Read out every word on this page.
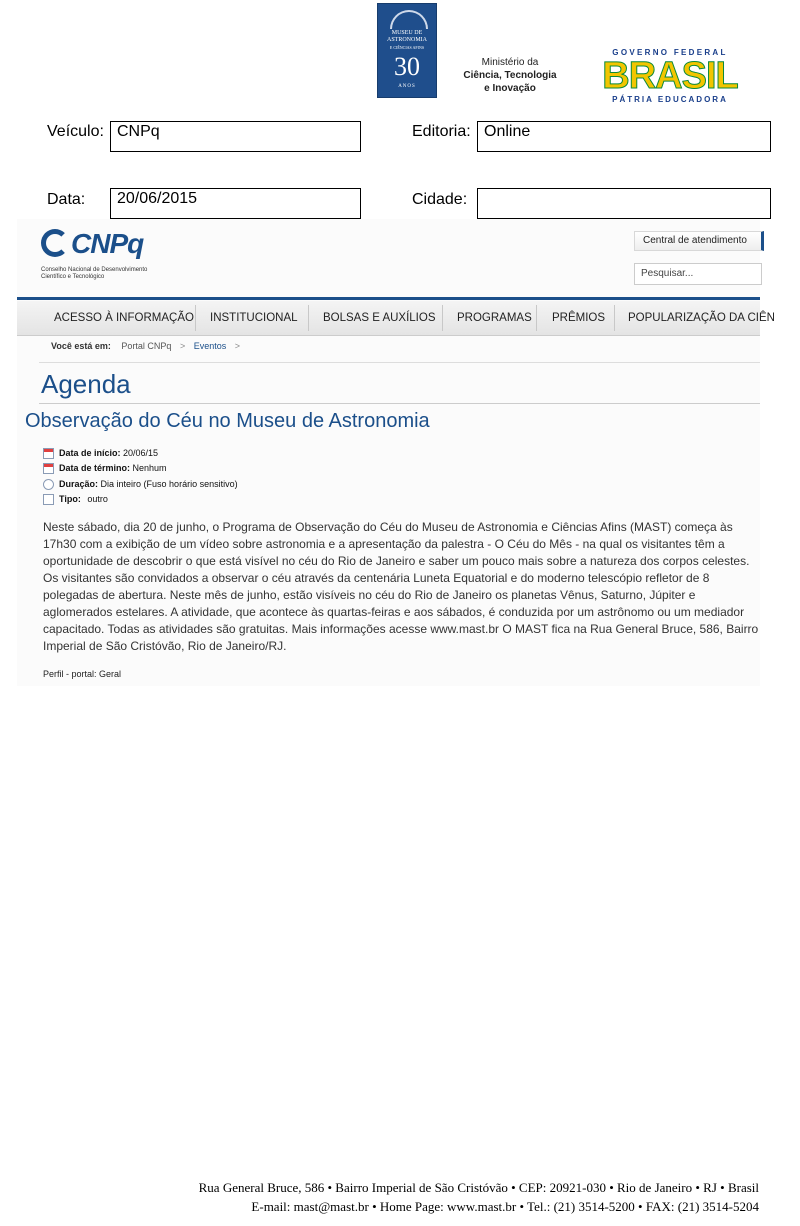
MUSEU DE
ASTRONOMIA
E CIÊNCIAS AFINS
30
ANOS
Ministério da
Ciência, Tecnologia
e Inovação
GOVERNO FEDERAL
BRASIL
PÁTRIA EDUCADORA
Veículo: CNPq	Editoria: Online
Data:	20/06/2015	Cidade:
CNPq
Conselho Nacional de Desenvolvimento
Científico e Tecnológico
Central de atendimento
Pesquisar...
ACESSO À INFORMAÇÃO INSTITUCIONAL BOLSAS E AUXÍLIOS PROGRAMAS PRÊMIOS POPULARIZAÇÃO DA CIÊN
Você está em: Portal CNPq > Eventos >
Agenda
Observação do Céu no Museu de Astronomia
Data de início: 20/06/15
Data de término: Nenhum
Duração: Dia inteiro (Fuso horário sensitivo)
Tipo: outro
Neste sábado, dia 20 de junho, o Programa de Observação do Céu do Museu de Astronomia e Ciências Afins (MAST) começa às 17h30 com a exibição de um vídeo sobre astronomia e a apresentação da palestra - O Céu do Mês - na qual os visitantes têm a oportunidade de descobrir o que está visível no céu do Rio de Janeiro e saber um pouco mais sobre a natureza dos corpos celestes. Os visitantes são convidados a observar o céu através da centenária Luneta Equatorial e do moderno telescópio refletor de 8 polegadas de abertura. Neste mês de junho, estão visíveis no céu do Rio de Janeiro os planetas Vênus, Saturno, Júpiter e aglomerados estelares. A atividade, que acontece às quartas-feiras e aos sábados, é conduzida por um astrônomo ou um mediador capacitado. Todas as atividades são gratuitas. Mais informações acesse www.mast.br O MAST fica na Rua General Bruce, 586, Bairro Imperial de São Cristóvão, Rio de Janeiro/RJ.
Perfil - portal: Geral
Rua General Bruce, 586 • Bairro Imperial de São Cristóvão • CEP: 20921-030 • Rio de Janeiro • RJ • Brasil
E-mail: mast@mast.br • Home Page: www.mast.br • Tel.: (21) 3514-5200 • FAX: (21) 3514-5204
